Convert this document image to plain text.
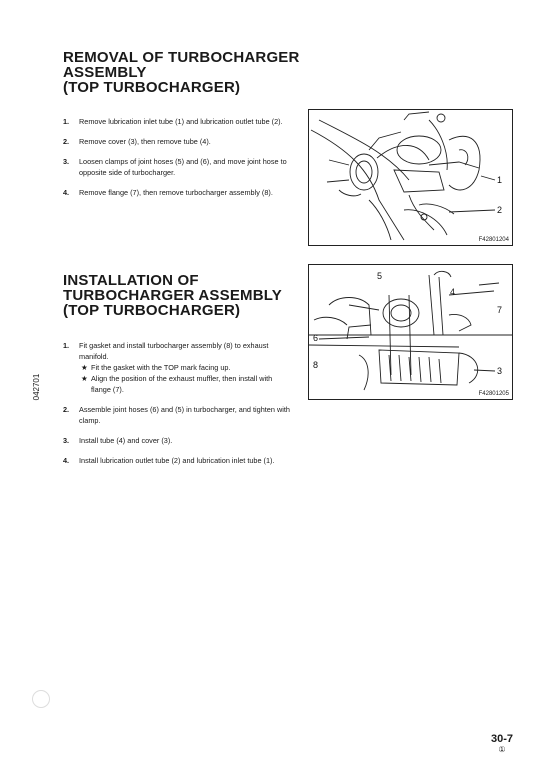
REMOVAL OF TURBOCHARGER
ASSEMBLY
(TOP TURBOCHARGER)
1. Remove lubrication inlet tube (1) and lubrication outlet tube (2).
2. Remove cover (3), then remove tube (4).
3. Loosen clamps of joint hoses (5) and (6), and move joint hose to opposite side of turbocharger.
4. Remove flange (7), then remove turbocharger assembly (8).
1
2
F42801204
INSTALLATION OF
TURBOCHARGER ASSEMBLY
(TOP TURBOCHARGER)
1. Fit gasket and install turbocharger assembly (8) to exhaust manifold.
★ Fit the gasket with the TOP mark facing up.
★ Align the position of the exhaust muffler, then install with flange (7).
2. Assemble joint hoses (6) and (5) in turbocharger, and tighten with clamp.
3. Install tube (4) and cover (3).
4. Install lubrication outlet tube (2) and lubrication inlet tube (1).
5
4
7
6
8
3
F42801205
042701
30-7
①
